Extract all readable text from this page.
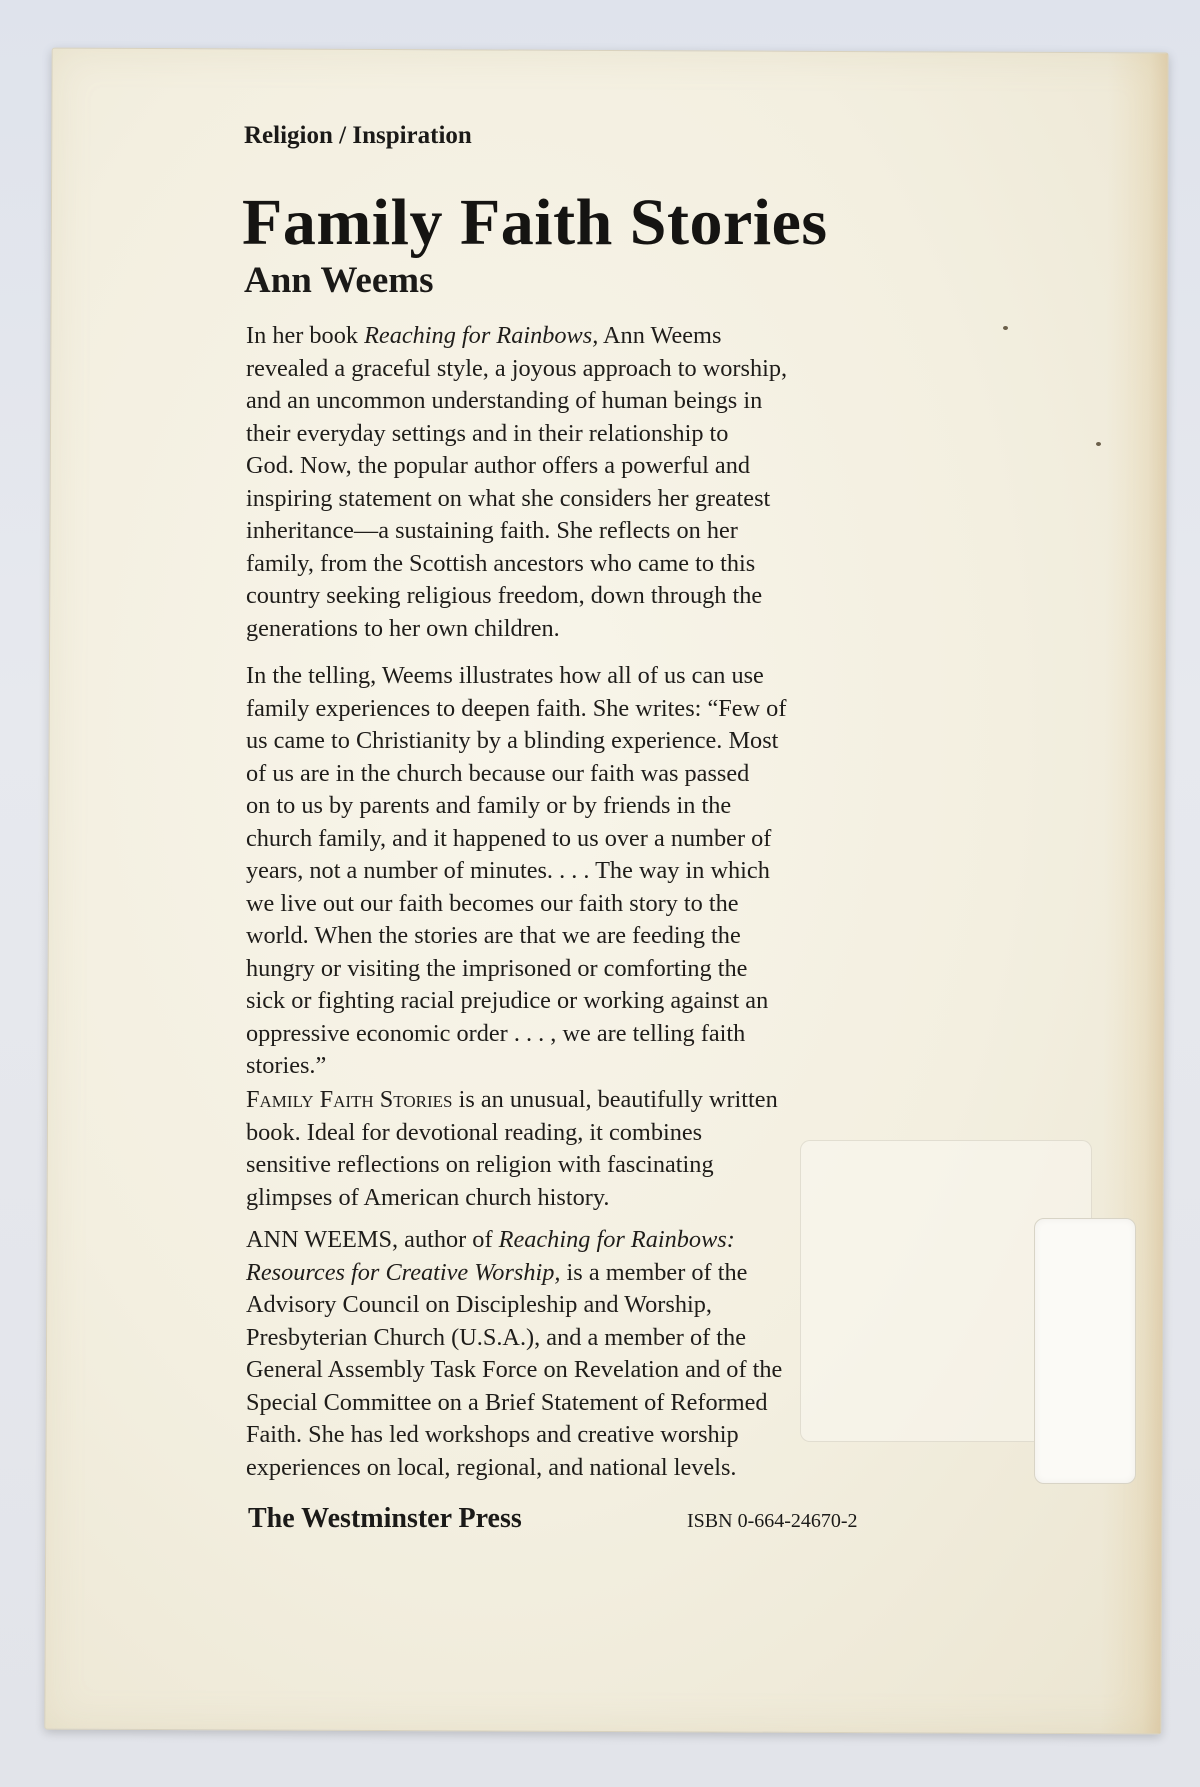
Religion / Inspiration
Family Faith Stories
Ann Weems
In her book Reaching for Rainbows, Ann Weems
revealed a graceful style, a joyous approach to worship,
and an uncommon understanding of human beings in
their everyday settings and in their relationship to
God. Now, the popular author offers a powerful and
inspiring statement on what she considers her greatest
inheritance—a sustaining faith. She reflects on her
family, from the Scottish ancestors who came to this
country seeking religious freedom, down through the
generations to her own children.
In the telling, Weems illustrates how all of us can use
family experiences to deepen faith. She writes: “Few of
us came to Christianity by a blinding experience. Most
of us are in the church because our faith was passed
on to us by parents and family or by friends in the
church family, and it happened to us over a number of
years, not a number of minutes. . . . The way in which
we live out our faith becomes our faith story to the
world. When the stories are that we are feeding the
hungry or visiting the imprisoned or comforting the
sick or fighting racial prejudice or working against an
oppressive economic order . . . , we are telling faith
stories.”
Family Faith Stories is an unusual, beautifully written
book. Ideal for devotional reading, it combines
sensitive reflections on religion with fascinating
glimpses of American church history.
ANN WEEMS, author of Reaching for Rainbows:
Resources for Creative Worship, is a member of the
Advisory Council on Discipleship and Worship,
Presbyterian Church (U.S.A.), and a member of the
General Assembly Task Force on Revelation and of the
Special Committee on a Brief Statement of Reformed
Faith. She has led workshops and creative worship
experiences on local, regional, and national levels.
The Westminster Press	ISBN 0-664-24670-2
